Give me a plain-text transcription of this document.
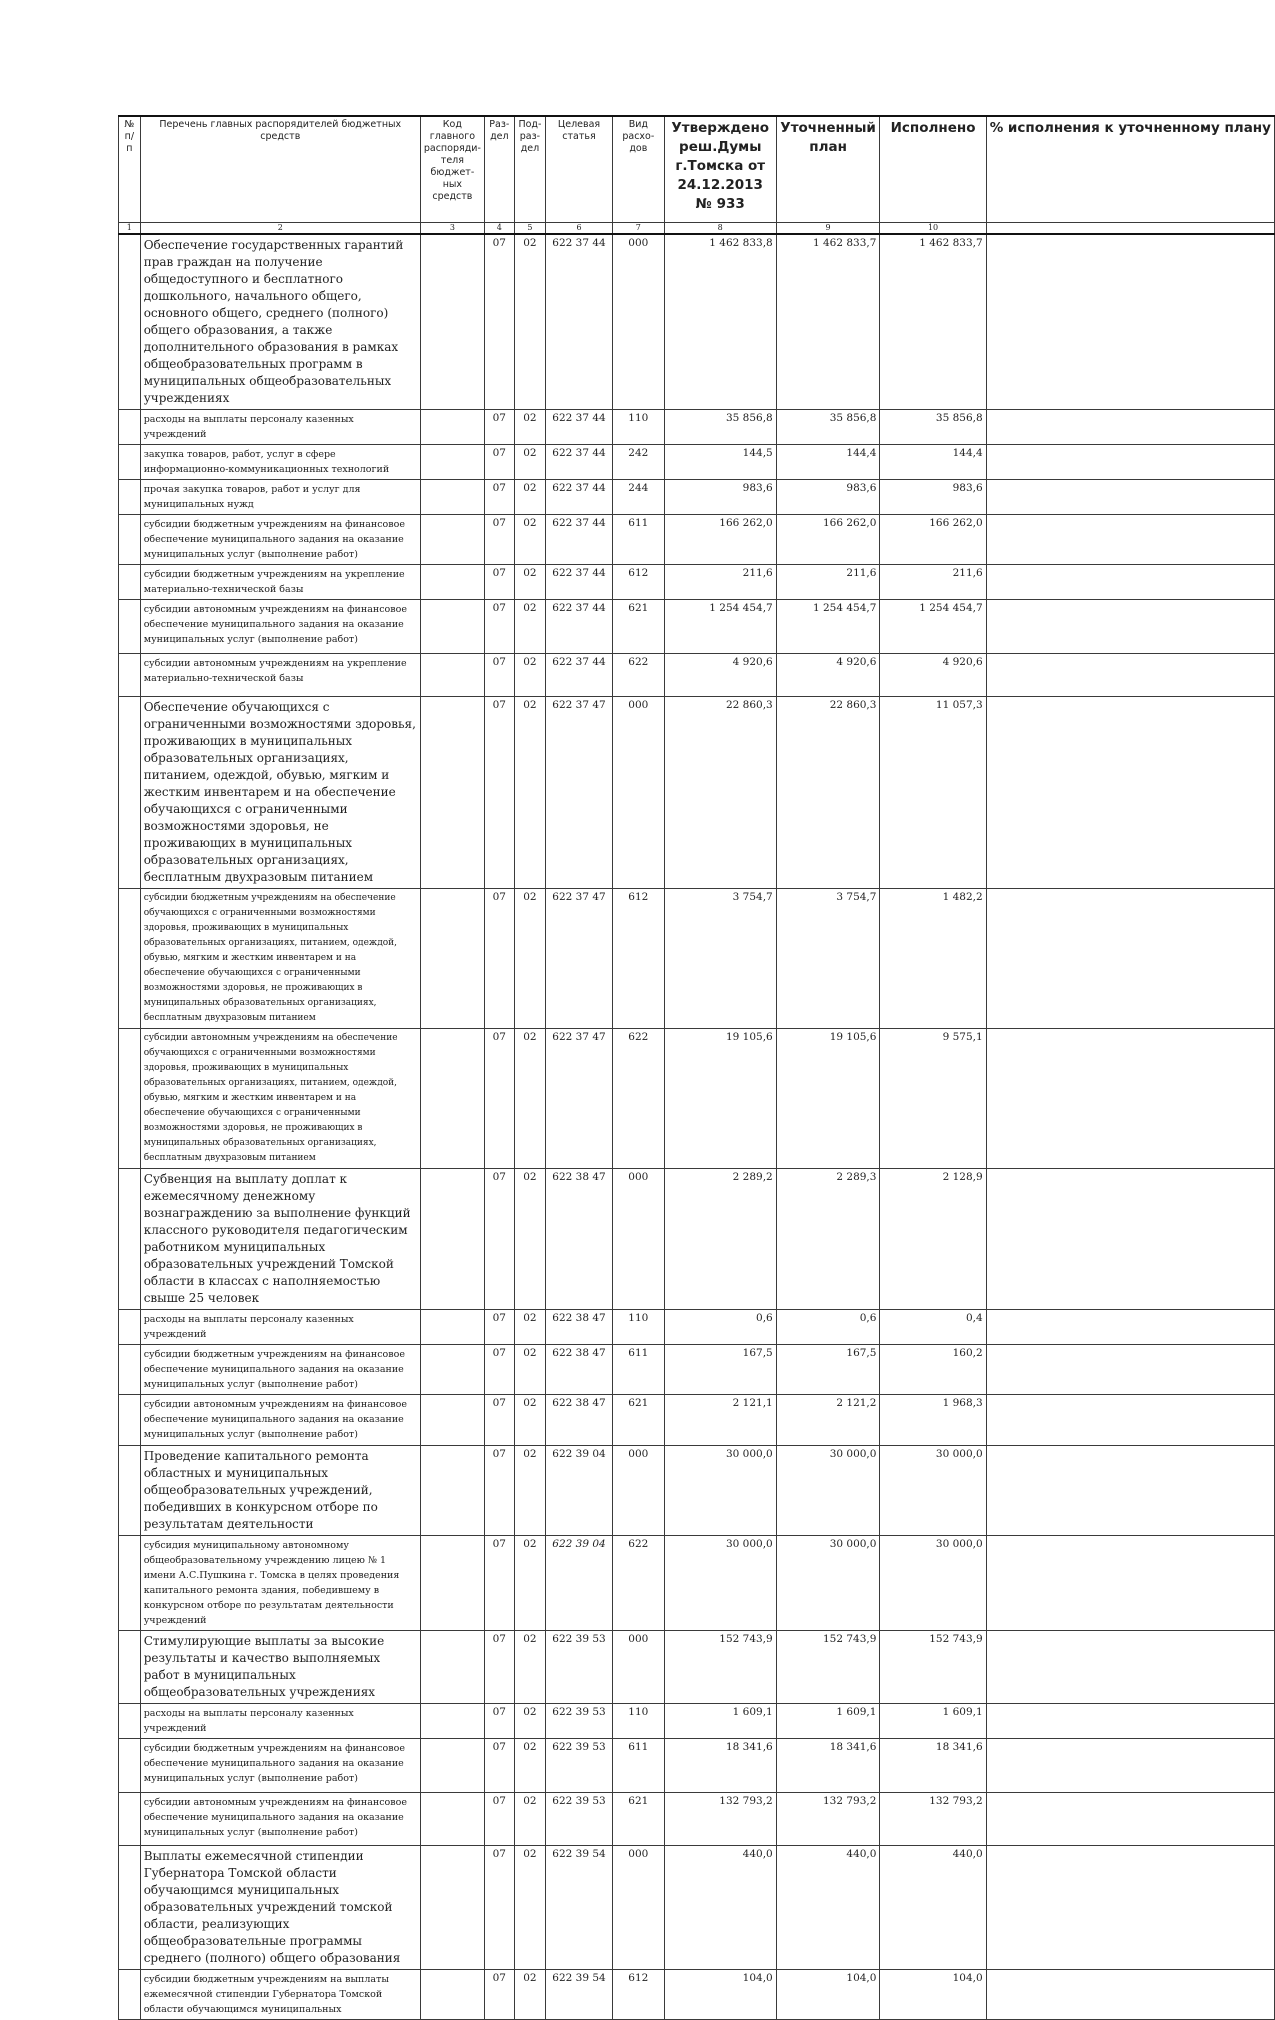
№ п/п	Перечень главных распорядителей бюджетных средств	Код главного распоряди-теля бюджет-ных средств	Раз-дел	Под-раз-дел	Целевая статья	Вид расхо-дов	Утверждено реш.Думы г.Томска от 24.12.2013 № 933	Уточненный план	Исполнено	% исполнения к уточненному плану
1	2	3	4	5	6	7	8	9	10	
	Обеспечение государственных гарантий прав граждан на получение общедоступного и бесплатного дошкольного, начального общего, основного общего, среднего (полного) общего образования, а также дополнительного образования в рамках общеобразовательных программ в муниципальных общеобразовательных учреждениях		07	02	622 37 44	000	1 462 833,8	1 462 833,7	1 462 833,7	
	расходы на выплаты персоналу казенных учреждений		07	02	622 37 44	110	35 856,8	35 856,8	35 856,8	
	закупка товаров, работ, услуг в сфере информационно-коммуникационных технологий		07	02	622 37 44	242	144,5	144,4	144,4	
	прочая закупка товаров, работ и услуг для муниципальных нужд		07	02	622 37 44	244	983,6	983,6	983,6	
	субсидии бюджетным учреждениям на финансовое обеспечение муниципального задания на оказание муниципальных услуг (выполнение работ)		07	02	622 37 44	611	166 262,0	166 262,0	166 262,0	
	субсидии бюджетным учреждениям на укрепление материально-технической базы		07	02	622 37 44	612	211,6	211,6	211,6	
	субсидии автономным учреждениям на финансовое обеспечение муниципального задания на оказание муниципальных услуг (выполнение работ)		07	02	622 37 44	621	1 254 454,7	1 254 454,7	1 254 454,7	
	субсидии автономным учреждениям на укрепление материально-технической базы		07	02	622 37 44	622	4 920,6	4 920,6	4 920,6	
	Обеспечение обучающихся с ограниченными возможностями здоровья, проживающих в муниципальных образовательных организациях, питанием, одеждой, обувью, мягким и жестким инвентарем и на обеспечение обучающихся с ограниченными возможностями здоровья, не проживающих в муниципальных образовательных организациях, бесплатным двухразовым питанием		07	02	622 37 47	000	22 860,3	22 860,3	11 057,3	
	субсидии бюджетным учреждениям на обеспечение обучающихся с ограниченными возможностями здоровья, проживающих в муниципальных образовательных организациях, питанием, одеждой, обувью, мягким и жестким инвентарем и на обеспечение обучающихся с ограниченными возможностями здоровья, не проживающих в муниципальных образовательных организациях, бесплатным двухразовым питанием		07	02	622 37 47	612	3 754,7	3 754,7	1 482,2	
	субсидии автономным учреждениям на обеспечение обучающихся с ограниченными возможностями здоровья, проживающих в муниципальных образовательных организациях, питанием, одеждой, обувью, мягким и жестким инвентарем и на обеспечение обучающихся с ограниченными возможностями здоровья, не проживающих в муниципальных образовательных организациях, бесплатным двухразовым питанием		07	02	622 37 47	622	19 105,6	19 105,6	9 575,1	
	Субвенция на выплату доплат к ежемесячному денежному вознаграждению за выполнение функций классного руководителя педагогическим работником муниципальных образовательных учреждений Томской области в классах с наполняемостью свыше 25 человек		07	02	622 38 47	000	2 289,2	2 289,3	2 128,9	
	расходы на выплаты персоналу казенных учреждений		07	02	622 38 47	110	0,6	0,6	0,4	
	субсидии бюджетным учреждениям на финансовое обеспечение муниципального задания на оказание муниципальных услуг (выполнение работ)		07	02	622 38 47	611	167,5	167,5	160,2	
	субсидии автономным учреждениям на финансовое обеспечение муниципального задания на оказание муниципальных услуг (выполнение работ)		07	02	622 38 47	621	2 121,1	2 121,2	1 968,3	
	Проведение капитального ремонта областных и муниципальных общеобразовательных учреждений, победивших в конкурсном отборе по результатам деятельности		07	02	622 39 04	000	30 000,0	30 000,0	30 000,0	
	субсидия муниципальному автономному общеобразовательному учреждению лицею № 1 имени А.С.Пушкина г. Томска в целях проведения капитального ремонта здания, победившему в конкурсном отборе по результатам деятельности учреждений		07	02	622 39 04	622	30 000,0	30 000,0	30 000,0	
	Стимулирующие выплаты за высокие результаты и качество выполняемых работ в муниципальных общеобразовательных учреждениях		07	02	622 39 53	000	152 743,9	152 743,9	152 743,9	
	расходы на выплаты персоналу казенных учреждений		07	02	622 39 53	110	1 609,1	1 609,1	1 609,1	
	субсидии бюджетным учреждениям на финансовое обеспечение муниципального задания на оказание муниципальных услуг (выполнение работ)		07	02	622 39 53	611	18 341,6	18 341,6	18 341,6	
	субсидии автономным учреждениям на финансовое обеспечение муниципального задания на оказание муниципальных услуг (выполнение работ)		07	02	622 39 53	621	132 793,2	132 793,2	132 793,2	
	Выплаты ежемесячной стипендии Губернатора Томской области обучающимся муниципальных образовательных учреждений томской области, реализующих общеобразовательные программы среднего (полного) общего образования		07	02	622 39 54	000	440,0	440,0	440,0	
	субсидии бюджетным учреждениям на выплаты ежемесячной стипендии Губернатора Томской области обучающимся муниципальных		07	02	622 39 54	612	104,0	104,0	104,0	
